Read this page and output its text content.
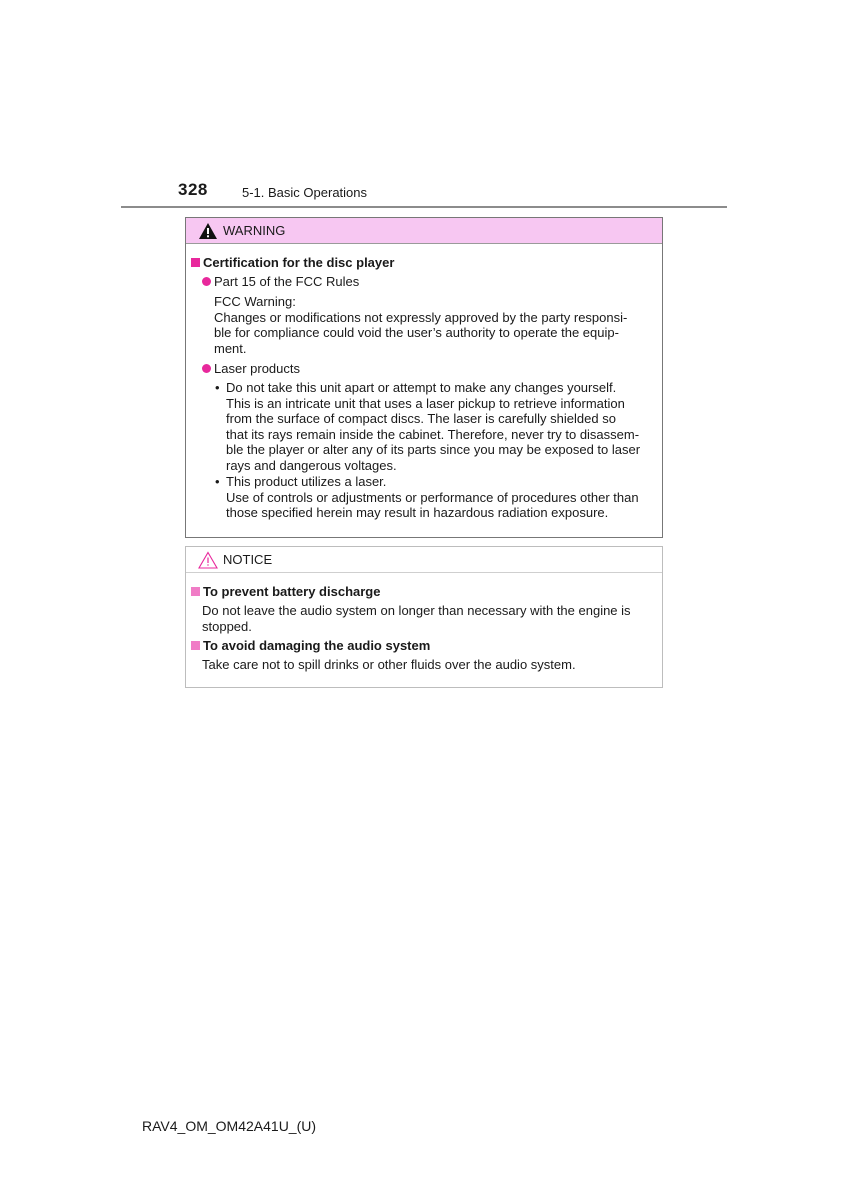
328	5-1. Basic Operations
WARNING
Certification for the disc player
Part 15 of the FCC Rules
FCC Warning:
Changes or modifications not expressly approved by the party responsi-
ble for compliance could void the user’s authority to operate the equip-
ment.
Laser products
• Do not take this unit apart or attempt to make any changes yourself.
This is an intricate unit that uses a laser pickup to retrieve information
from the surface of compact discs. The laser is carefully shielded so
that its rays remain inside the cabinet. Therefore, never try to disassem-
ble the player or alter any of its parts since you may be exposed to laser
rays and dangerous voltages.
• This product utilizes a laser.
Use of controls or adjustments or performance of procedures other than
those specified herein may result in hazardous radiation exposure.
NOTICE
To prevent battery discharge
Do not leave the audio system on longer than necessary with the engine is
stopped.
To avoid damaging the audio system
Take care not to spill drinks or other fluids over the audio system.
RAV4_OM_OM42A41U_(U)
